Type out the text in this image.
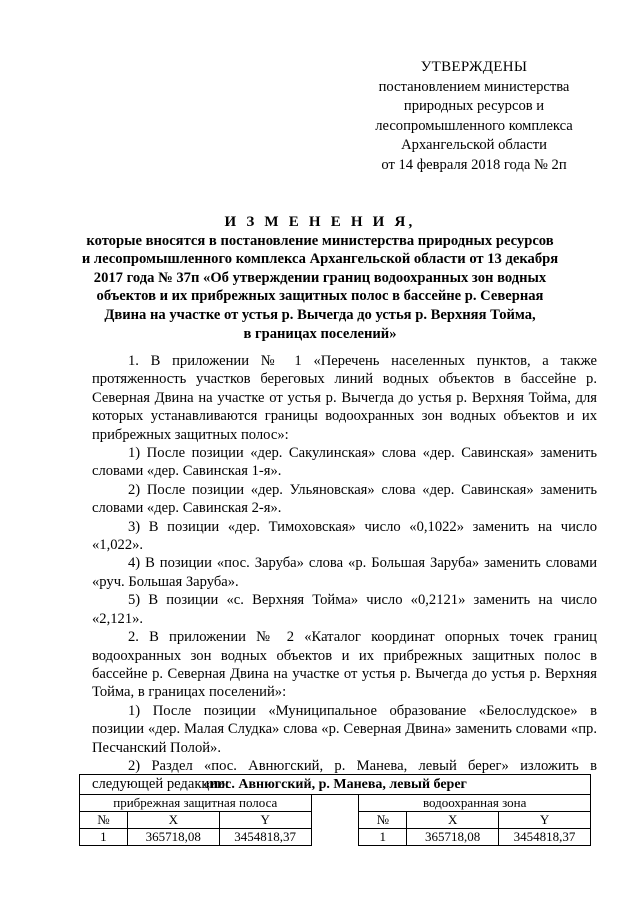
УТВЕРЖДЕНЫ
постановлением министерства
природных ресурсов и
лесопромышленного комплекса
Архангельской области
от 14 февраля 2018 года № 2п
И З М Е Н Е Н И Я,
которые вносятся в постановление министерства природных ресурсов
и лесопромышленного комплекса Архангельской области от 13 декабря
2017 года № 37п «Об утверждении границ водоохранных зон водных
объектов и их прибрежных защитных полос в бассейне р. Северная
Двина на участке от устья р. Вычегда до устья р. Верхняя Тойма,
в границах поселений»

1. В приложении № 1 «Перечень населенных пунктов, а также протяженность участков береговых линий водных объектов в бассейне р. Северная Двина на участке от устья р. Вычегда до устья р. Верхняя Тойма, для которых устанавливаются границы водоохранных зон водных объектов и их прибрежных защитных полос»:

1) После позиции «дер. Сакулинская» слова «дер. Савинская» заменить словами «дер. Савинская 1-я».

2) После позиции «дер. Ульяновская» слова «дер. Савинская» заменить словами «дер. Савинская 2-я».

3) В позиции «дер. Тимоховская» число «0,1022» заменить на число «1,022».

4) В позиции «пос. Заруба» слова «р. Большая Заруба» заменить словами «руч. Большая Заруба».

5) В позиции «с. Верхняя Тойма» число «0,2121» заменить на число «2,121».

2. В приложении № 2 «Каталог координат опорных точек границ водоохранных зон водных объектов и их прибрежных защитных полос в бассейне р. Северная Двина на участке от устья р. Вычегда до устья р. Верхняя Тойма, в границах поселений»:

1) После позиции «Муниципальное образование «Белослудское» в позиции «дер. Малая Слудка» слова «р. Северная Двина» заменить словами «пр. Песчанский Полой».

2) Раздел «пос. Авнюгский, р. Манева, левый берег» изложить в следующей редакции:

«пос. Авнюгский, р. Манева, левый берег						
прибрежная защитная полоса				водоохранная зона		
№	X	Y		№	X	Y
1	365718,08	3454818,37		1	365718,08	3454818,37
